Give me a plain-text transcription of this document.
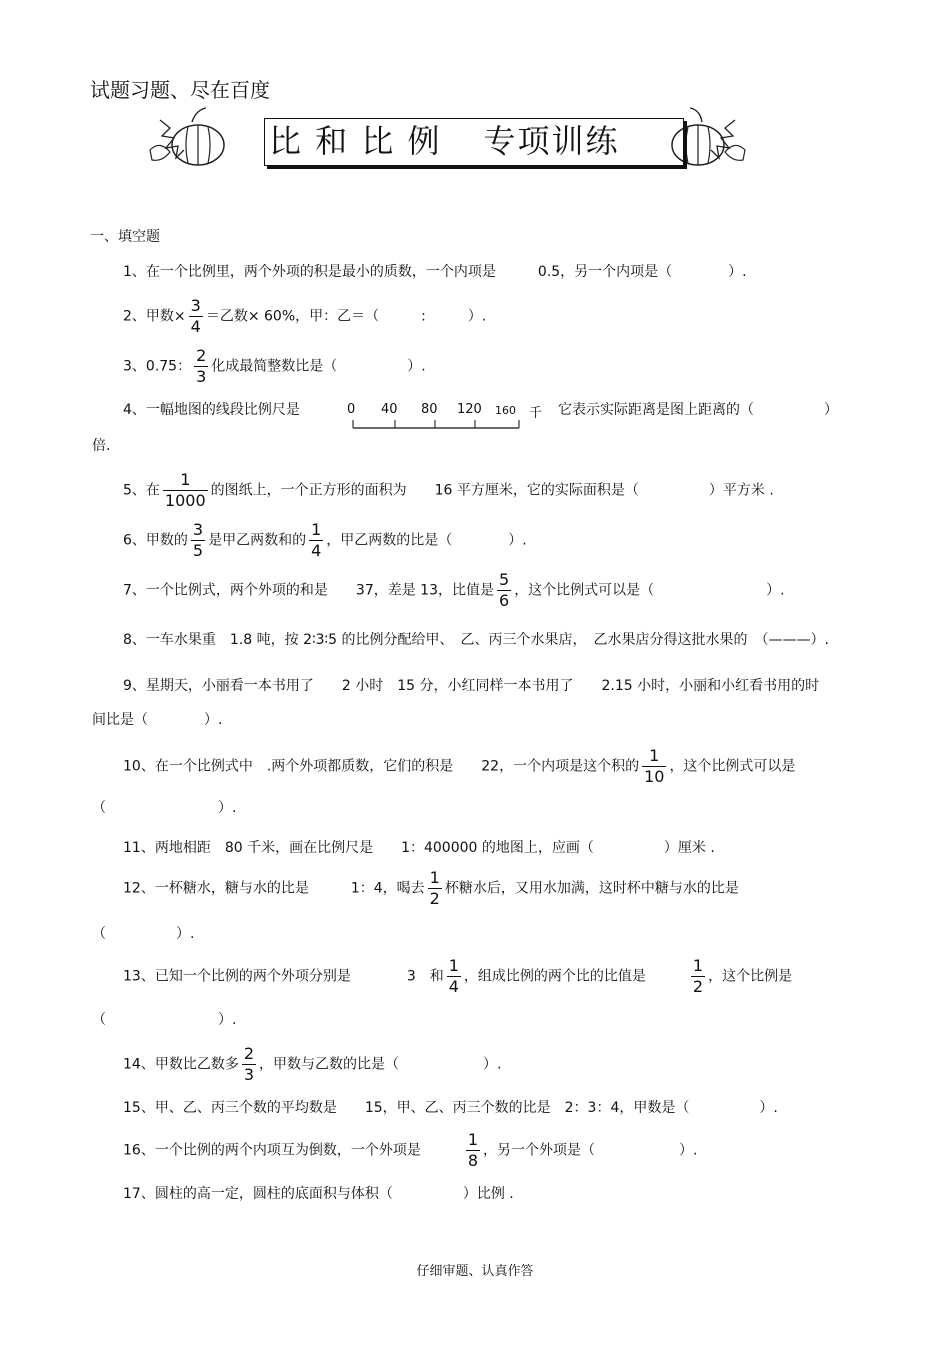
试题习题、尽在百度
比 和 比 例 专项训练
一、填空题
1、在一个比例里，两个外项的积是最小的质数，一个内项是　　　0.5，另一个内项是（　　　　）.
2、甲数× $\frac{3}{4}$ ＝乙数× 60%，甲：乙＝（　　　:　　　）.
3、0.75： $\frac{2}{3}$ 化成最简整数比是（　　　　　）.
4、一幅地图的线段比例尺是	0 40 80 120 160 千 它表示实际距离是图上距离的（　　　　　）
倍.
5、在 $\frac{1}{1000}$ 的图纸上，一个正方形的面积为　　16 平方厘米，它的实际面积是（　　　　　）平方米 .
6、甲数的 $\frac{3}{5}$ 是甲乙两数和的 $\frac{1}{4}$ ，甲乙两数的比是（　　　　）.
7、一个比例式，两个外项的和是　　37，差是 13，比值是 $\frac{5}{6}$ ，这个比例式可以是（　　　　　　　　）.
8、一车水果重　1.8 吨，按 2∶3∶5 的比例分配给甲、　乙、丙三个水果店，　乙水果店分得这批水果的　（———）.
9、星期天，小丽看一本书用了　　2 小时　15 分，小红同样一本书用了　　2.15 小时，小丽和小红看书用的时
间比是（　　　　）.
10、在一个比例式中　.两个外项都质数，它们的积是　　22，一个内项是这个积的 $\frac{1}{10}$ ，这个比例式可以是
（　　　　　　　　）.
11、两地相距　80 千米，画在比例尺是　　1：400000 的地图上，应画（　　　　　）厘米 .
12、一杯糖水，糖与水的比是　　　1：4，喝去 $\frac{1}{2}$ 杯糖水后，又用水加满，这时杯中糖与水的比是
（　　　　　）.
13、已知一个比例的两个外项分别是　　　　3　和 $\frac{1}{4}$ ，组成比例的两个比的比值是　　　 $\frac{1}{2}$ ，这个比例是
（　　　　　　　　）.
14、甲数比乙数多 $\frac{2}{3}$ ，甲数与乙数的比是（　　　　　　）.
15、甲、乙、丙三个数的平均数是　　15，甲、乙、丙三个数的比是　2：3：4，甲数是（　　　　　）.
16、一个比例的两个内项互为倒数，一个外项是　　　 $\frac{1}{8}$ ，另一个外项是（　　　　　　）.
17、圆柱的高一定，圆柱的底面积与体积（　　　　　）比例 .
仔细审题、认真作答
